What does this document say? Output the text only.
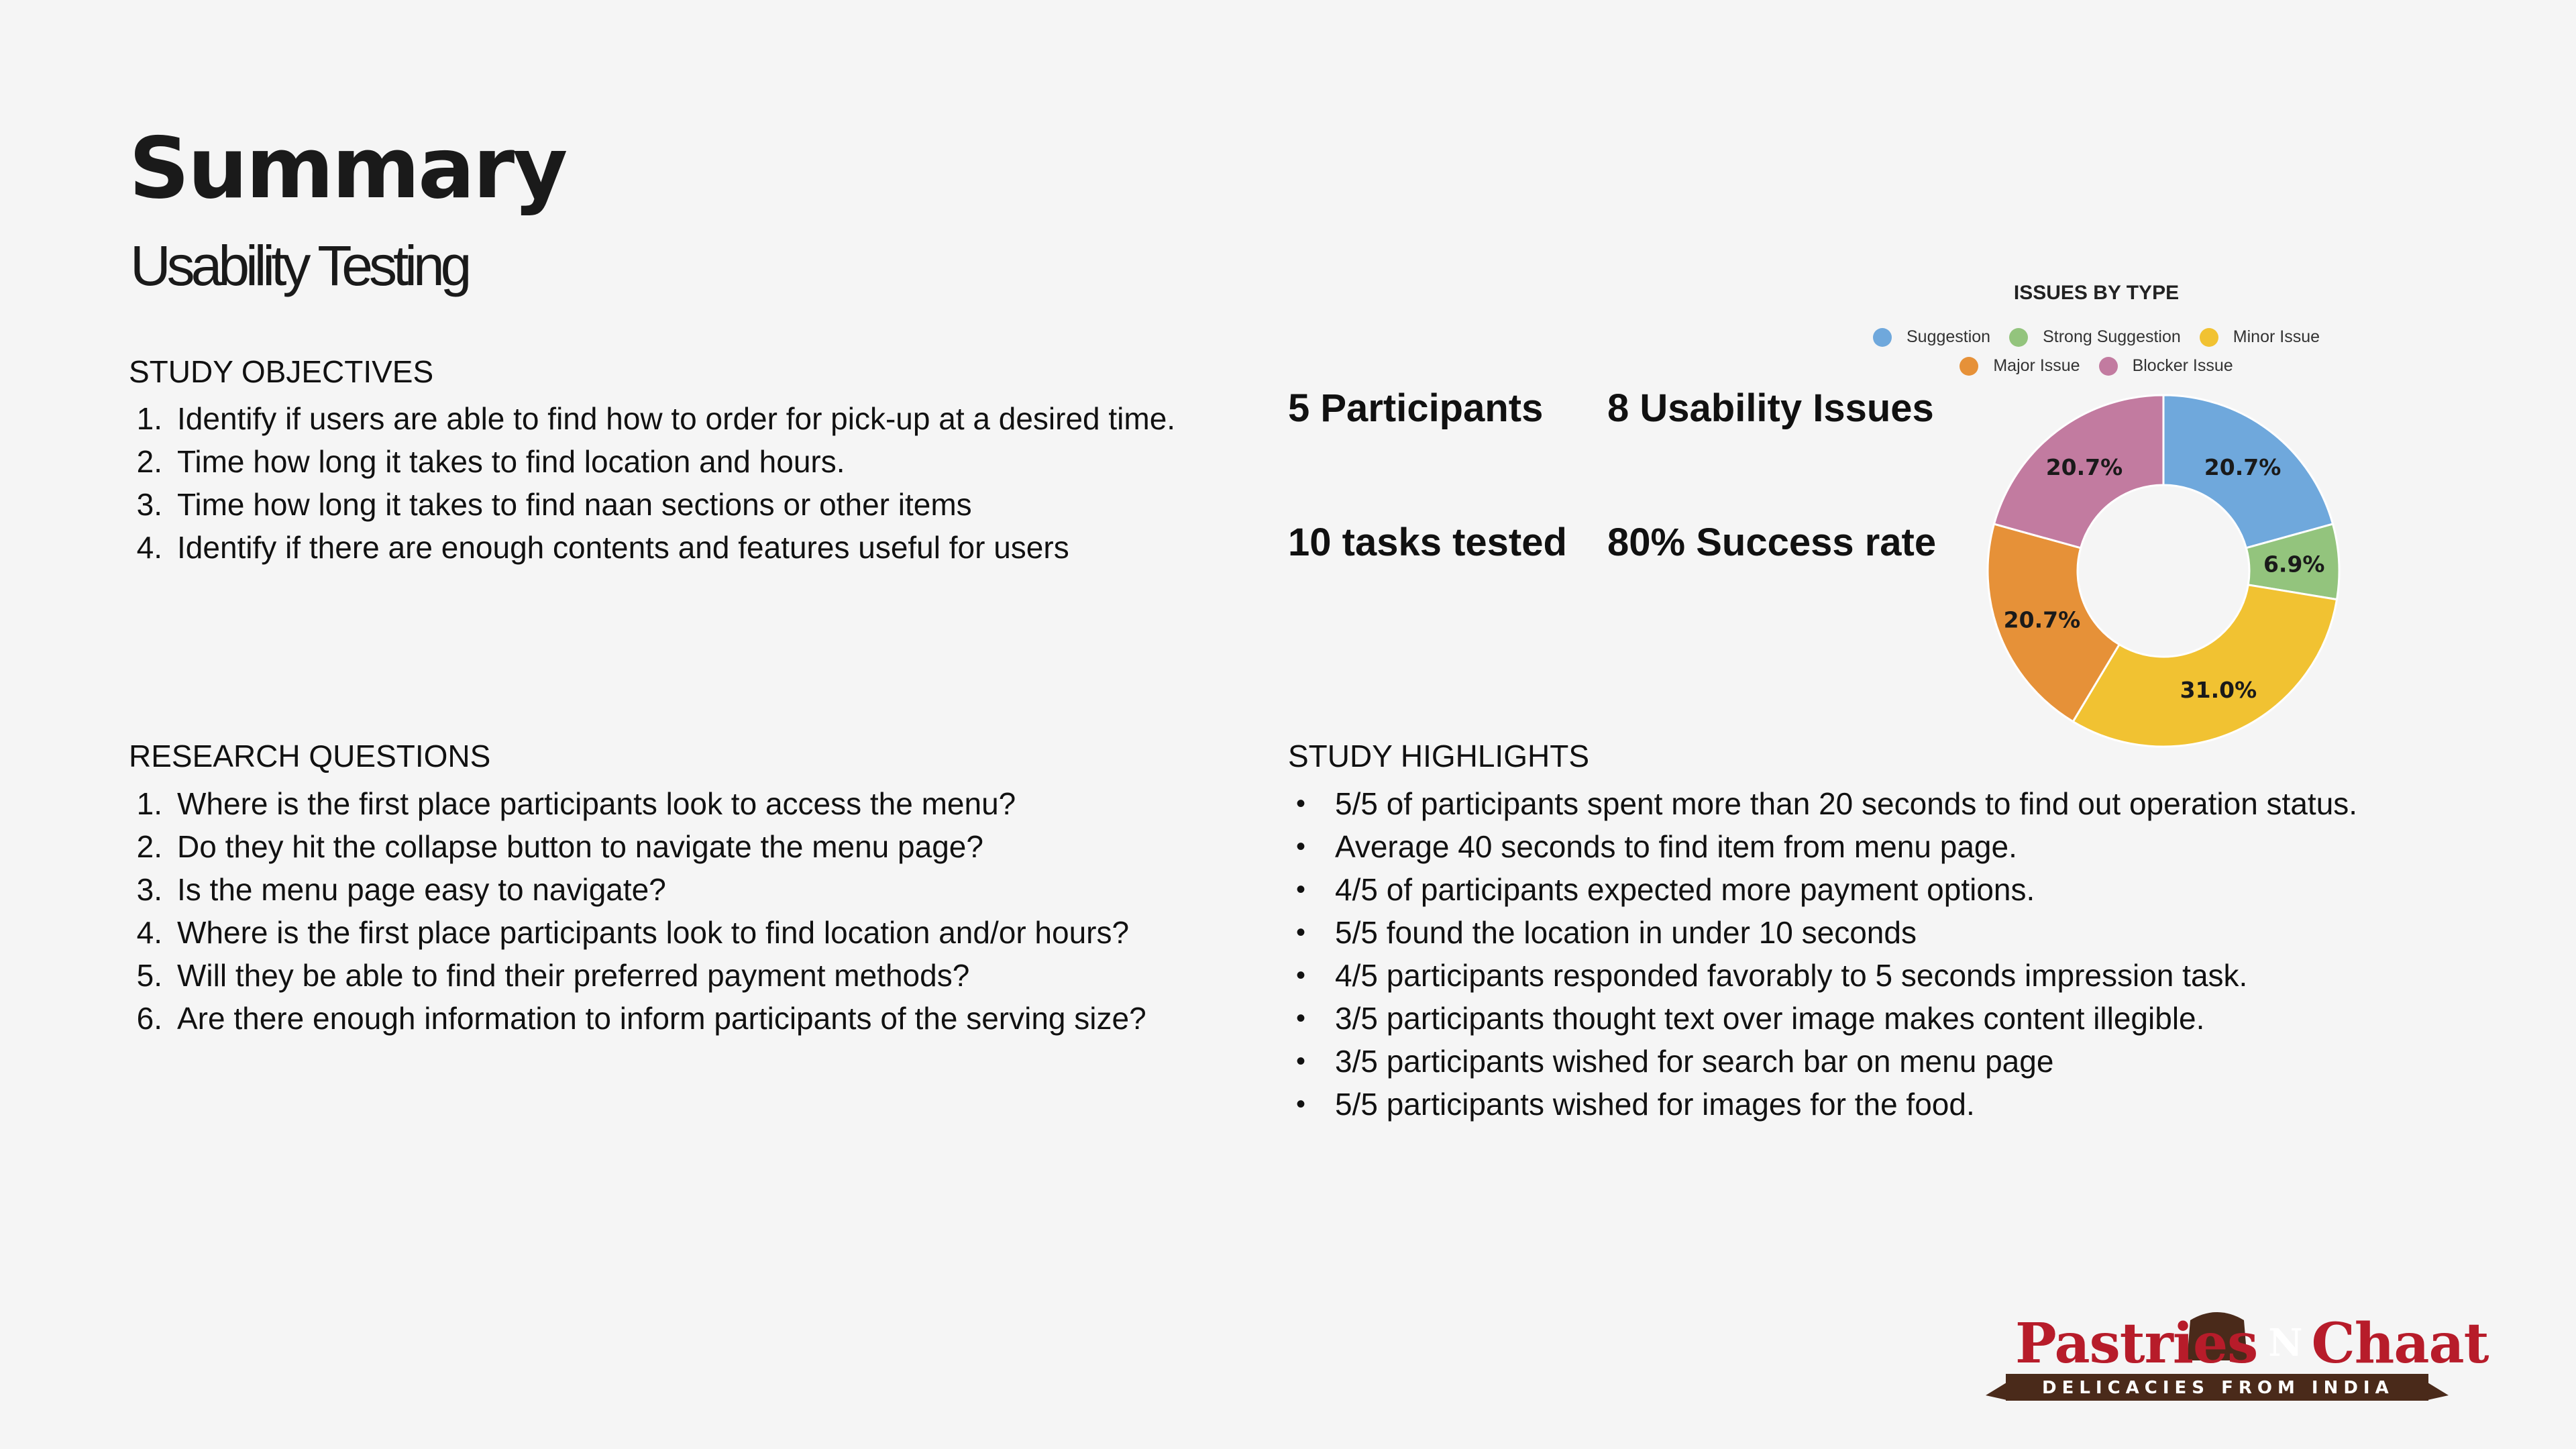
Summary
Usability Testing
STUDY OBJECTIVES
1. Identify if users are able to find how to order for pick-up at a desired time.
2. Time how long it takes to find location and hours.
3. Time how long it takes to find naan sections or other items
4. Identify if there are enough contents and features useful for users
RESEARCH QUESTIONS
1. Where is the first place participants look to access the menu?
2. Do they hit the collapse button to navigate the menu page?
3. Is the menu page easy to navigate?
4. Where is the first place participants look to find location and/or hours?
5. Will they be able to find their preferred payment methods?
6. Are there enough information to inform participants of the serving size?
5 Participants 8 Usability Issues
10 tasks tested 80% Success rate
ISSUES BY TYPE
Suggestion	Strong Suggestion	Minor Issue
Major Issue	Blocker Issue
20.7%
6.9%
31.0%
20.7%
20.7%
STUDY HIGHLIGHTS
• 5/5 of participants spent more than 20 seconds to find out operation status.
• Average 40 seconds to find item from menu page.
• 4/5 of participants expected more payment options.
• 5/5 found the location in under 10 seconds
• 4/5 participants responded favorably to 5 seconds impression task.
• 3/5 participants thought text over image makes content illegible.
• 3/5 participants wished for search bar on menu page
• 5/5 participants wished for images for the food.
Pastries N Chaat
DELICACIES FROM INDIA
